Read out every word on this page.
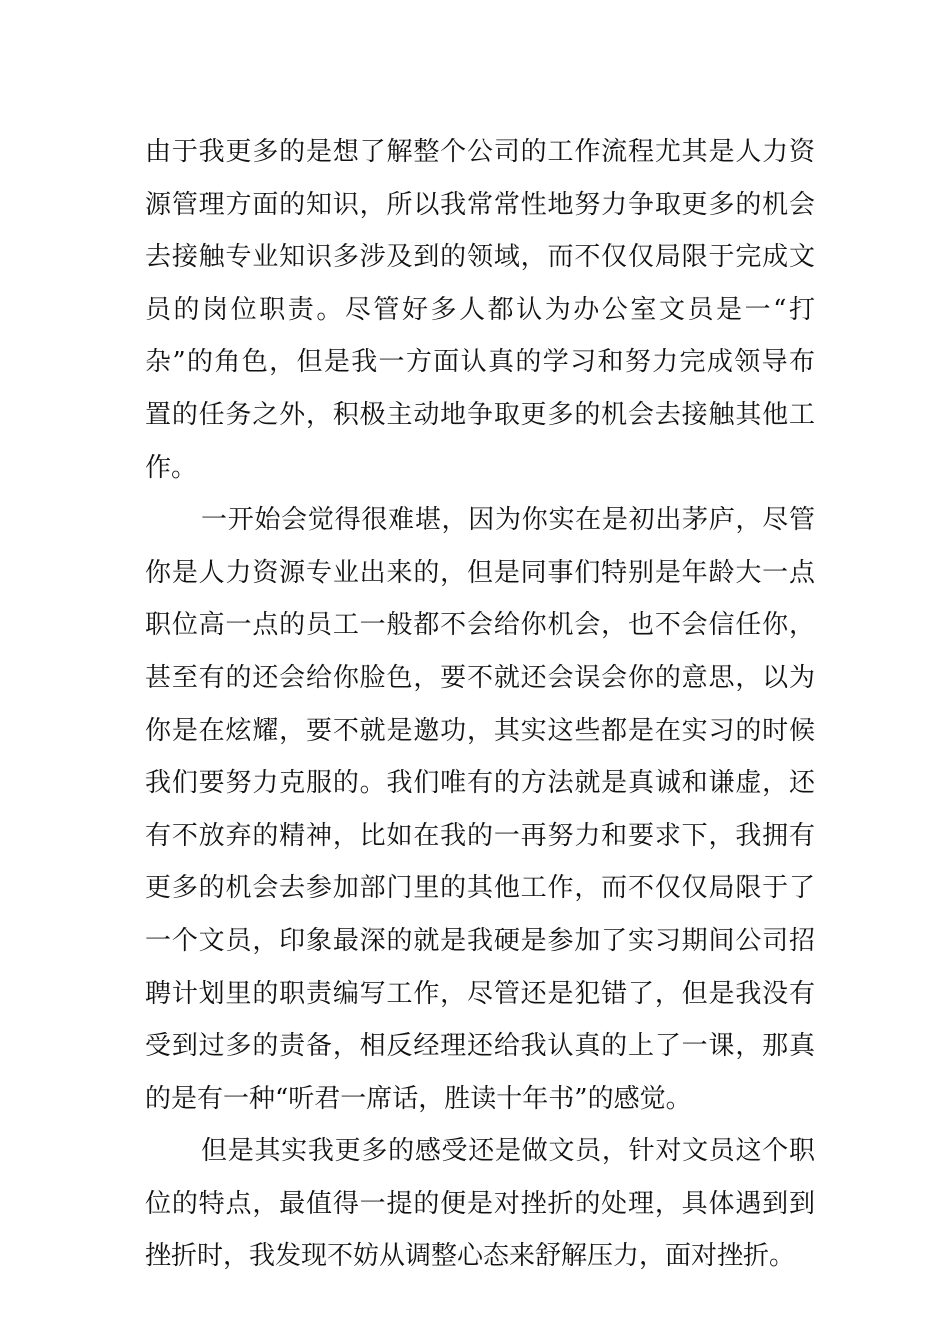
由于我更多的是想了解整个公司的工作流程尤其是人力资
源管理方面的知识，所以我常常性地努力争取更多的机会
去接触专业知识多涉及到的领域，而不仅仅局限于完成文
员的岗位职责。尽管好多人都认为办公室文员是一“打
杂”的角色，但是我一方面认真的学习和努力完成领导布
置的任务之外，积极主动地争取更多的机会去接触其他工
作。
一开始会觉得很难堪，因为你实在是初出茅庐，尽管
你是人力资源专业出来的，但是同事们特别是年龄大一点
职位高一点的员工一般都不会给你机会，也不会信任你，
甚至有的还会给你脸色，要不就还会误会你的意思，以为
你是在炫耀，要不就是邀功，其实这些都是在实习的时候
我们要努力克服的。我们唯有的方法就是真诚和谦虚，还
有不放弃的精神，比如在我的一再努力和要求下，我拥有
更多的机会去参加部门里的其他工作，而不仅仅局限于了
一个文员，印象最深的就是我硬是参加了实习期间公司招
聘计划里的职责编写工作，尽管还是犯错了，但是我没有
受到过多的责备，相反经理还给我认真的上了一课，那真
的是有一种“听君一席话，胜读十年书”的感觉。
但是其实我更多的感受还是做文员，针对文员这个职
位的特点，最值得一提的便是对挫折的处理，具体遇到到
挫折时，我发现不妨从调整心态来舒解压力，面对挫折。
